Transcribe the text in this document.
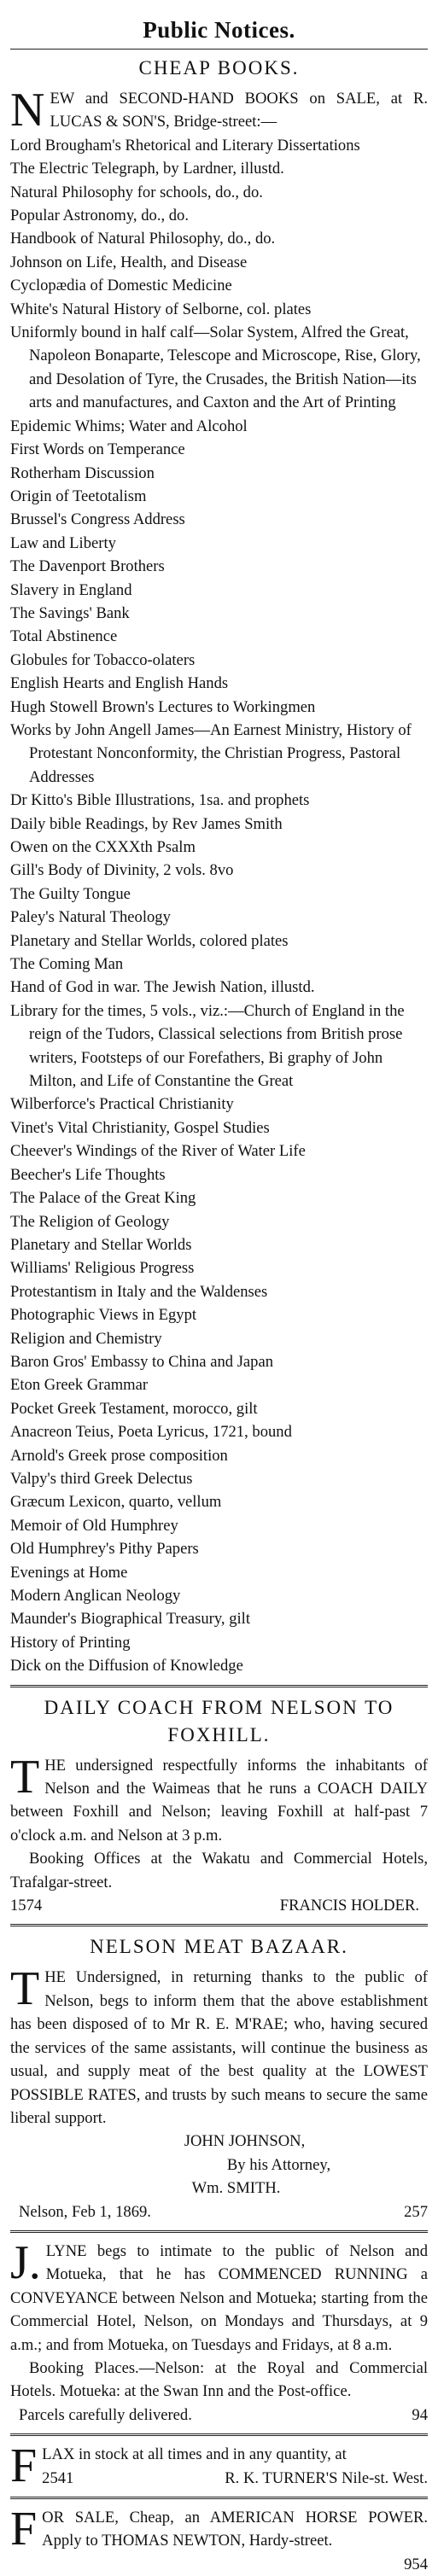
Public Notices.
CHEAP BOOKS.

NEW and SECOND-HAND BOOKS on SALE, at R. LUCAS & SON'S, Bridge-street:—

Lord Brougham's Rhetorical and Literary Dissertations
The Electric Telegraph, by Lardner, illustd.
Natural Philosophy for schools, do., do.
Popular Astronomy, do., do.
Handbook of Natural Philosophy, do., do.
Johnson on Life, Health, and Disease
Cyclopædia of Domestic Medicine
White's Natural History of Selborne, col. plates
Uniformly bound in half calf—Solar System, Alfred the Great, Napoleon Bonaparte, Telescope and Microscope, Rise, Glory, and Desolation of Tyre, the Crusades, the British Nation—its arts and manufactures, and Caxton and the Art of Printing
Epidemic Whims; Water and Alcohol
First Words on Temperance
Rotherham Discussion
Origin of Teetotalism
Brussel's Congress Address
Law and Liberty
The Davenport Brothers
Slavery in England
The Savings' Bank
Total Abstinence
Globules for Tobacco-olaters
English Hearts and English Hands
Hugh Stowell Brown's Lectures to Workingmen
Works by John Angell James—An Earnest Ministry, History of Protestant Nonconformity, the Christian Progress, Pastoral Addresses
Dr Kitto's Bible Illustrations, 1sa. and prophets
Daily bible Readings, by Rev James Smith
Owen on the CXXXth Psalm
Gill's Body of Divinity, 2 vols. 8vo
The Guilty Tongue
Paley's Natural Theology
Planetary and Stellar Worlds, colored plates
The Coming Man
Hand of God in war. The Jewish Nation, illustd.
Library for the times, 5 vols., viz.:—Church of England in the reign of the Tudors, Classical selections from British prose writers, Footsteps of our Forefathers, Bi graphy of John Milton, and Life of Constantine the Great
Wilberforce's Practical Christianity
Vinet's Vital Christianity, Gospel Studies
Cheever's Windings of the River of Water Life
Beecher's Life Thoughts
The Palace of the Great King
The Religion of Geology
Planetary and Stellar Worlds
Williams' Religious Progress
Protestantism in Italy and the Waldenses
Photographic Views in Egypt
Religion and Chemistry
Baron Gros' Embassy to China and Japan
Eton Greek Grammar
Pocket Greek Testament, morocco, gilt
Anacreon Teius, Poeta Lyricus, 1721, bound
Arnold's Greek prose composition
Valpy's third Greek Delectus
Græcum Lexicon, quarto, vellum
Memoir of Old Humphrey
Old Humphrey's Pithy Papers
Evenings at Home
Modern Anglican Neology
Maunder's Biographical Treasury, gilt
History of Printing
Dick on the Diffusion of Knowledge
DAILY COACH FROM NELSON TO FOXHILL.

THE undersigned respectfully informs the inhabitants of Nelson and the Waimeas that he runs a COACH DAILY between Foxhill and Nelson; leaving Foxhill at half-past 7 o'clock a.m. and Nelson at 3 p.m.

Booking Offices at the Wakatu and Commercial Hotels, Trafalgar-street.

1574	FRANCIS HOLDER.
NELSON MEAT BAZAAR.

THE Undersigned, in returning thanks to the public of Nelson, begs to inform them that the above establishment has been disposed of to Mr R. E. M'RAE; who, having secured the services of the same assistants, will continue the business as usual, and supply meat of the best quality at the LOWEST POSSIBLE RATES, and trusts by such means to secure the same liberal support.

JOHN JOHNSON,
By his Attorney,
Wm. SMITH.
Nelson, Feb 1, 1869.	257

J. LYNE begs to intimate to the public of Nelson and Motueka, that he has COMMENCED RUNNING a CONVEYANCE between Nelson and Motueka; starting from the Commercial Hotel, Nelson, on Mondays and Thursdays, at 9 a.m.; and from Motueka, on Tuesdays and Fridays, at 8 a.m.

Booking Places.—Nelson: at the Royal and Commercial Hotels. Motueka: at the Swan Inn and the Post-office.

Parcels carefully delivered.	94

FLAX in stock at all times and in any quantity, at

2541	R. K. TURNER'S Nile-st. West.

FOR SALE, Cheap, an AMERICAN HORSE POWER. Apply to THOMAS NEWTON, Hardy-street.

954
